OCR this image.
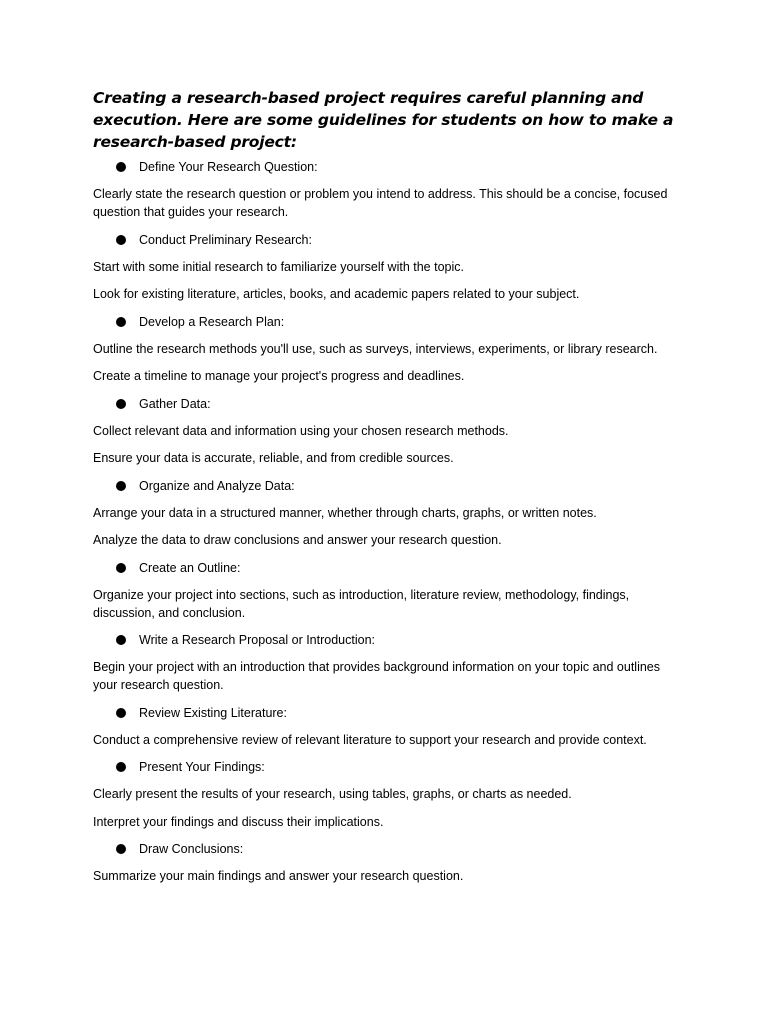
Creating a research-based project requires careful planning and execution. Here are some guidelines for students on how to make a research-based project:

Define Your Research Question:

Clearly state the research question or problem you intend to address. This should be a concise, focused question that guides your research.

Conduct Preliminary Research:

Start with some initial research to familiarize yourself with the topic.

Look for existing literature, articles, books, and academic papers related to your subject.

Develop a Research Plan:

Outline the research methods you'll use, such as surveys, interviews, experiments, or library research.

Create a timeline to manage your project's progress and deadlines.

Gather Data:

Collect relevant data and information using your chosen research methods.

Ensure your data is accurate, reliable, and from credible sources.

Organize and Analyze Data:

Arrange your data in a structured manner, whether through charts, graphs, or written notes.

Analyze the data to draw conclusions and answer your research question.

Create an Outline:

Organize your project into sections, such as introduction, literature review, methodology, findings, discussion, and conclusion.

Write a Research Proposal or Introduction:

Begin your project with an introduction that provides background information on your topic and outlines your research question.

Review Existing Literature:

Conduct a comprehensive review of relevant literature to support your research and provide context.

Present Your Findings:

Clearly present the results of your research, using tables, graphs, or charts as needed.

Interpret your findings and discuss their implications.

Draw Conclusions:

Summarize your main findings and answer your research question.
